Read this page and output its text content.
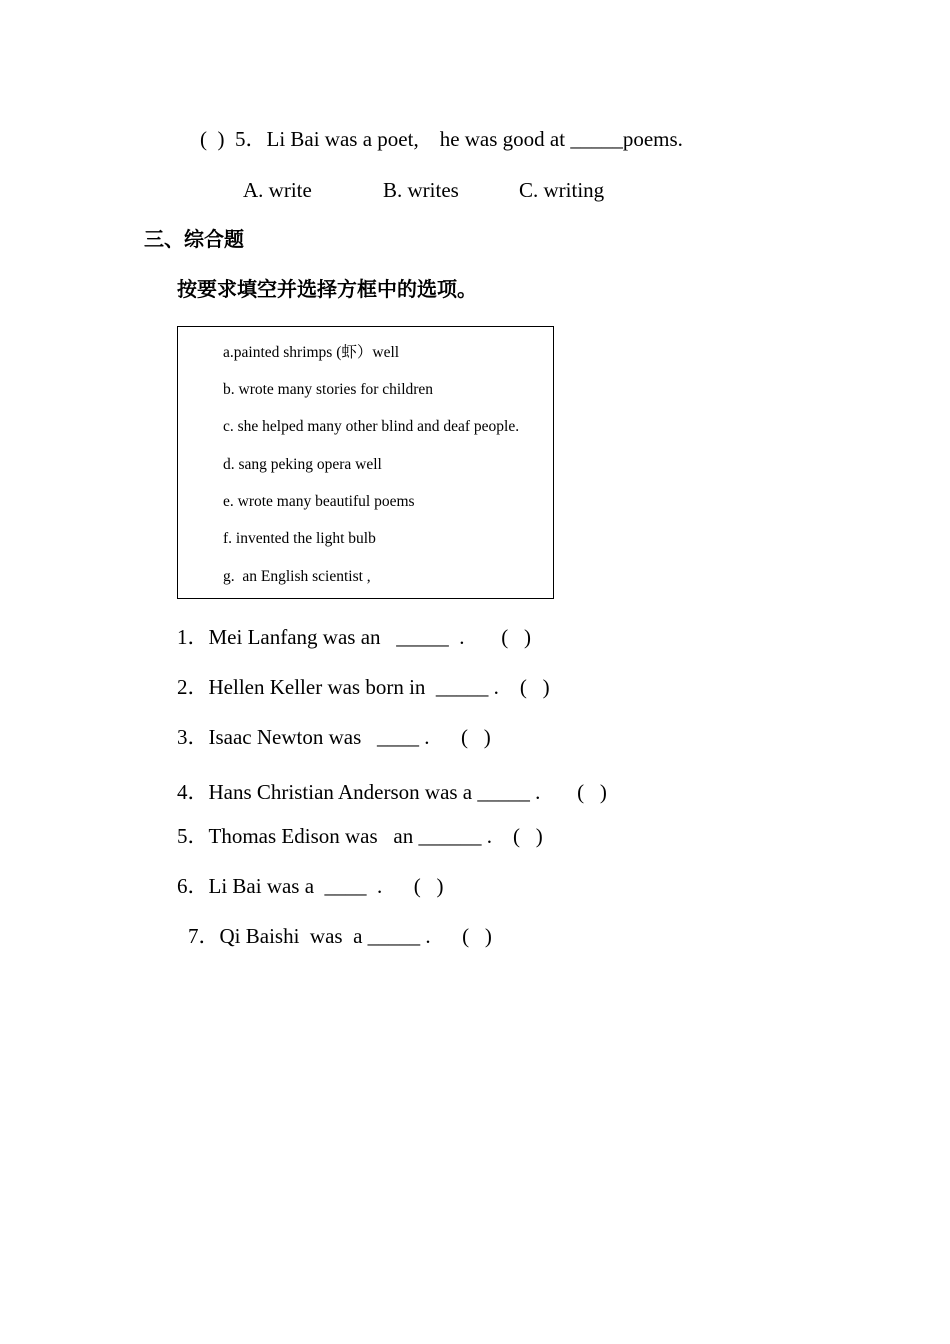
(  )  5．Li Bai was a poet,    he was good at _____poems.
A. write	B. writes	C. writing
三、综合题
按要求填空并选择方框中的选项。
a.painted shrimps (虾）well
b. wrote many stories for children
c. she helped many other blind and deaf people.
d. sang peking opera well
e. wrote many beautiful poems
f. invented the light bulb
g.  an English scientist ,
1．Mei Lanfang was an   _____  .       (   )
2．Hellen Keller was born in  _____ .    (   )
3．Isaac Newton was   ____ .      (   )
4．Hans Christian Anderson was a _____ .       (   )
5．Thomas Edison was   an ______ .    (   )
6．Li Bai was a  ____  .      (   )
7．Qi Baishi  was  a _____ .      (   )
